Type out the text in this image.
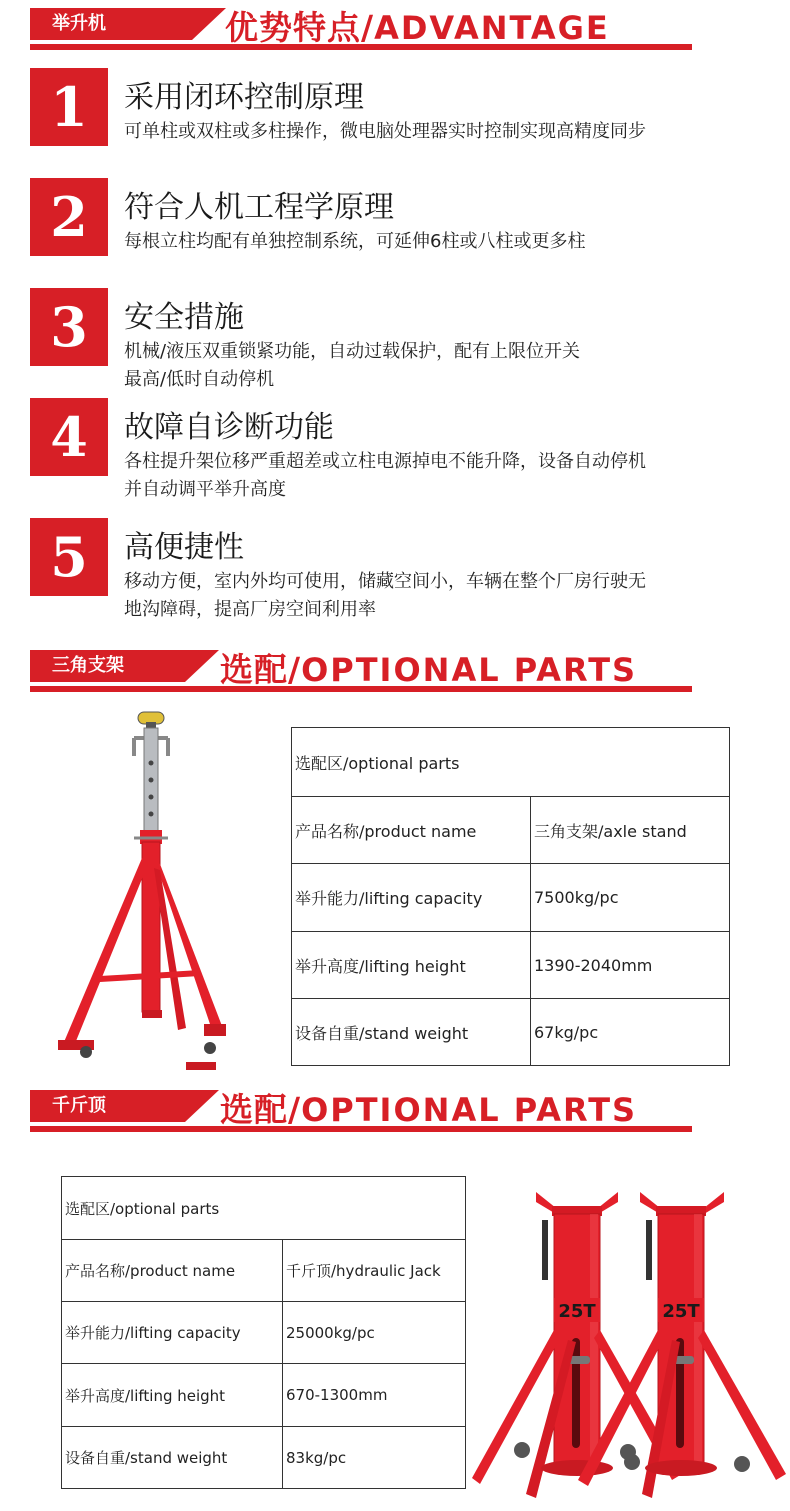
举升机	优势特点/ADVANTAGE
1	采用闭环控制原理
可单柱或双柱或多柱操作，微电脑处理器实时控制实现高精度同步
2	符合人机工程学原理
每根立柱均配有单独控制系统，可延伸6柱或八柱或更多柱
3	安全措施
机械/液压双重锁紧功能，自动过载保护，配有上限位开关
最高/低时自动停机
4	故障自诊断功能
各柱提升架位移严重超差或立柱电源掉电不能升降，设备自动停机
并自动调平举升高度
5	高便捷性
移动方便，室内外均可使用，储藏空间小，车辆在整个厂房行驶无
地沟障碍，提高厂房空间利用率
三角支架	选配/OPTIONAL PARTS
选配区/optional parts	
产品名称/product name	三角支架/axle stand
举升能力/lifting capacity	7500kg/pc
举升高度/lifting height	1390-2040mm
设备自重/stand weight	67kg/pc
千斤顶	选配/OPTIONAL PARTS
选配区/optional parts	
产品名称/product name	千斤顶/hydraulic Jack
举升能力/lifting capacity	25000kg/pc
举升高度/lifting height	670-1300mm
设备自重/stand weight	83kg/pc
25T	25T
